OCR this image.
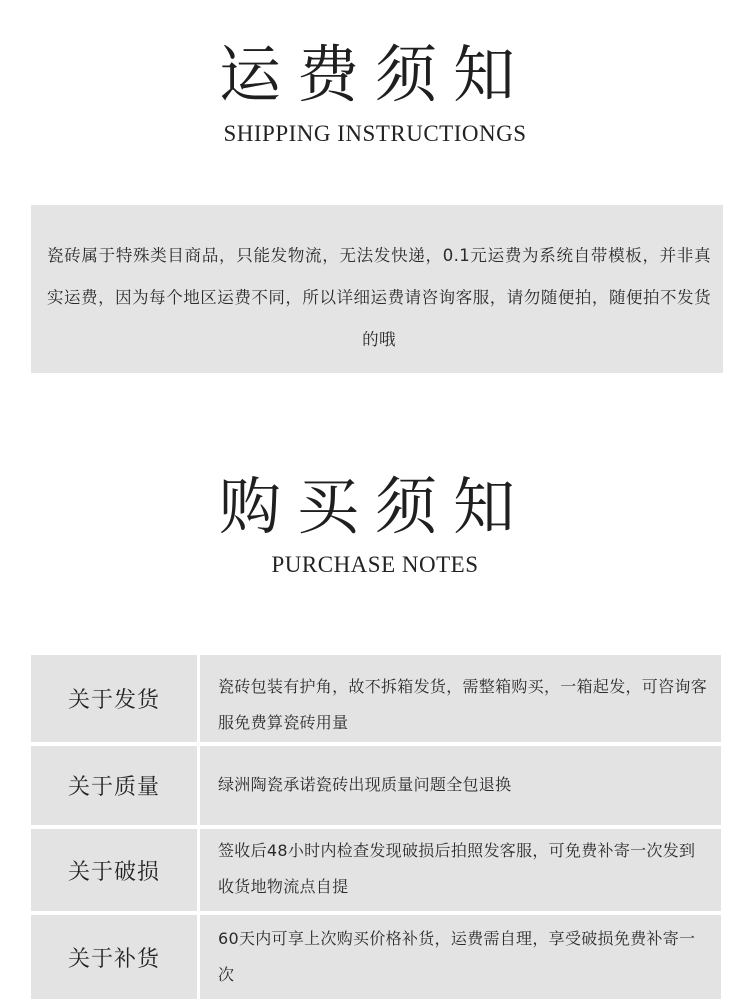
运费须知
SHIPPING INSTRUCTIONGS
瓷砖属于特殊类目商品，只能发物流，无法发快递，0.1元运费为系统自带模板，并非真实运费，因为每个地区运费不同，所以详细运费请咨询客服，请勿随便拍，随便拍不发货的哦
购买须知
PURCHASE NOTES
关于发货
瓷砖包装有护角，故不拆箱发货，需整箱购买，一箱起发，可咨询客服免费算瓷砖用量
关于质量	绿洲陶瓷承诺瓷砖出现质量问题全包退换
关于破损
签收后48小时内检查发现破损后拍照发客服，可免费补寄一次发到收货地物流点自提
关于补货
60天内可享上次购买价格补货，运费需自理，享受破损免费补寄一次
